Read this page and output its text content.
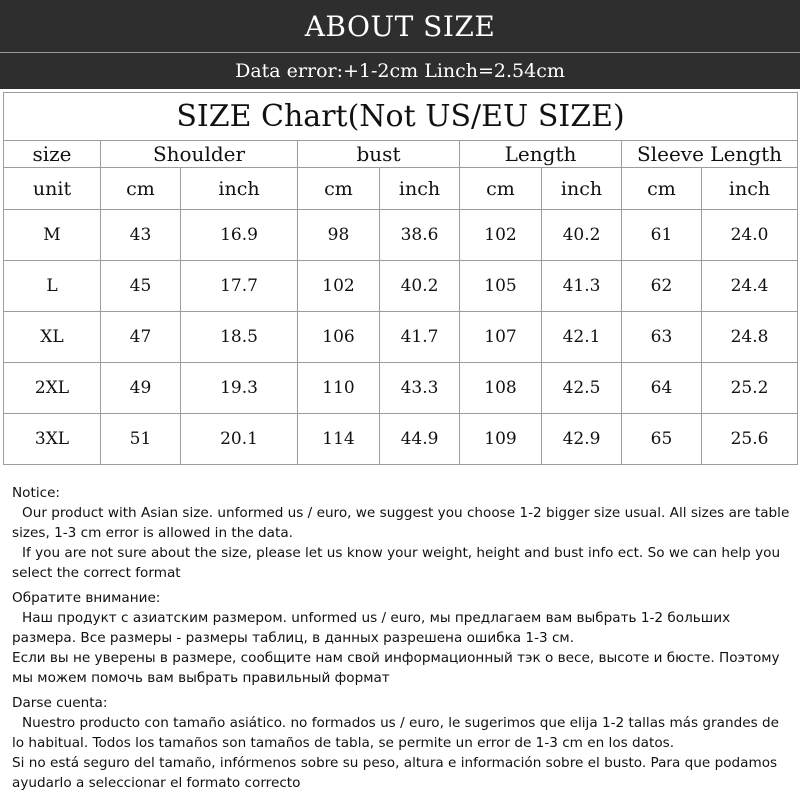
ABOUT SIZE
Data error:+1-2cm Linch=2.54cm
SIZE Chart(Not US/EU SIZE)								
size	Shoulder		bust		Length		Sleeve Length	
unit	cm	inch	cm	inch	cm	inch	cm	inch
M	43	16.9	98	38.6	102	40.2	61	24.0
L	45	17.7	102	40.2	105	41.3	62	24.4
XL	47	18.5	106	41.7	107	42.1	63	24.8
2XL	49	19.3	110	43.3	108	42.5	64	25.2
3XL	51	20.1	114	44.9	109	42.9	65	25.6

Notice:

Our product with Asian size. unformed us / euro, we suggest you choose 1-2 bigger size usual. All sizes are table sizes, 1-3 cm error is allowed in the data.

If you are not sure about the size, please let us know your weight, height and bust info ect. So we can help you select the correct format

Обратите внимание:

Наш продукт с азиатским размером. unformed us / euro, мы предлагаем вам выбрать 1-2 больших размера. Все размеры - размеры таблиц, в данных разрешена ошибка 1-3 см.

Если вы не уверены в размере, сообщите нам свой информационный тэк о весе, высоте и бюсте. Поэтому мы можем помочь вам выбрать правильный формат

Darse cuenta:

Nuestro producto con tamaño asiático. no formados us / euro, le sugerimos que elija 1-2 tallas más grandes de lo habitual. Todos los tamaños son tamaños de tabla, se permite un error de 1-3 cm en los datos.

Si no está seguro del tamaño, infórmenos sobre su peso, altura e información sobre el busto. Para que podamos ayudarlo a seleccionar el formato correcto
